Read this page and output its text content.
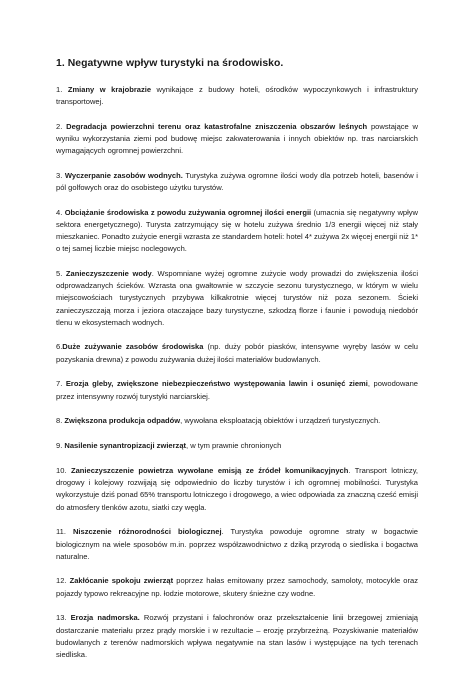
1. Negatywne wpływ turystyki na środowisko.

1. Zmiany w krajobrazie wynikające z budowy hoteli, ośrodków wypoczynkowych i infrastruktury transportowej.

2. Degradacja powierzchni terenu oraz katastrofalne zniszczenia obszarów leśnych powstające w wyniku wykorzystania ziemi pod budowę miejsc zakwaterowania i innych obiektów np. tras narciarskich wymagających ogromnej powierzchni.

3. Wyczerpanie zasobów wodnych. Turystyka zużywa ogromne ilości wody dla potrzeb hoteli, basenów i pól golfowych oraz do osobistego użytku turystów.

4. Obciążanie środowiska z powodu zużywania ogromnej ilości energii (umacnia się negatywny wpływ sektora energetycznego). Turysta zatrzymujący się w hotelu zużywa średnio 1/3 energii więcej niż stały mieszkaniec. Ponadto zużycie energii wzrasta ze standardem hoteli: hotel 4* zużywa 2x więcej energii niż 1* o tej samej liczbie miejsc noclegowych.

5. Zanieczyszczenie wody. Wspomniane wyżej ogromne zużycie wody prowadzi do zwiększenia ilości odprowadzanych ścieków. Wzrasta ona gwałtownie w szczycie sezonu turystycznego, w którym w wielu miejscowościach turystycznych przybywa kilkakrotnie więcej turystów niż poza sezonem. Ścieki zanieczyszczają morza i jeziora otaczające bazy turystyczne, szkodzą florze i faunie i powodują niedobór tlenu w ekosystemach wodnych.

6.Duże zużywanie zasobów środowiska (np. duży pobór piasków, intensywne wyręby lasów w celu pozyskania drewna) z powodu zużywania dużej ilości materiałów budowlanych.

7. Erozja gleby, zwiększone niebezpieczeństwo występowania lawin i osunięć ziemi, powodowane przez intensywny rozwój turystyki narciarskiej.

8. Zwiększona produkcja odpadów, wywołana eksploatacją obiektów i urządzeń turystycznych.

9. Nasilenie synantropizacji zwierząt, w tym prawnie chronionych

10. Zanieczyszczenie powietrza wywołane emisją ze źródeł komunikacyjnych. Transport lotniczy, drogowy i kolejowy rozwijają się odpowiednio do liczby turystów i ich ogromnej mobilności. Turystyka wykorzystuje dziś ponad 65% transportu lotniczego i drogowego, a wiec odpowiada za znaczną cześć emisji do atmosfery tlenków azotu, siatki czy węgla.

11. Niszczenie różnorodności biologicznej. Turystyka powoduje ogromne straty w bogactwie biologicznym na wiele sposobów m.in. poprzez współzawodnictwo z dziką przyrodą o siedliska i bogactwa naturalne.

12. Zakłócanie spokoju zwierząt poprzez hałas emitowany przez samochody, samoloty, motocykle oraz pojazdy typowo rekreacyjne np. łodzie motorowe, skutery śnieżne czy wodne.

13. Erozja nadmorska. Rozwój przystani i falochronów oraz przekształcenie linii brzegowej zmieniają dostarczanie materiału przez prądy morskie i w rezultacie – erozję przybrzeżną. Pozyskiwanie materiałów budowlanych z terenów nadmorskich wpływa negatywnie na stan lasów i występujące na tych terenach siedliska.
